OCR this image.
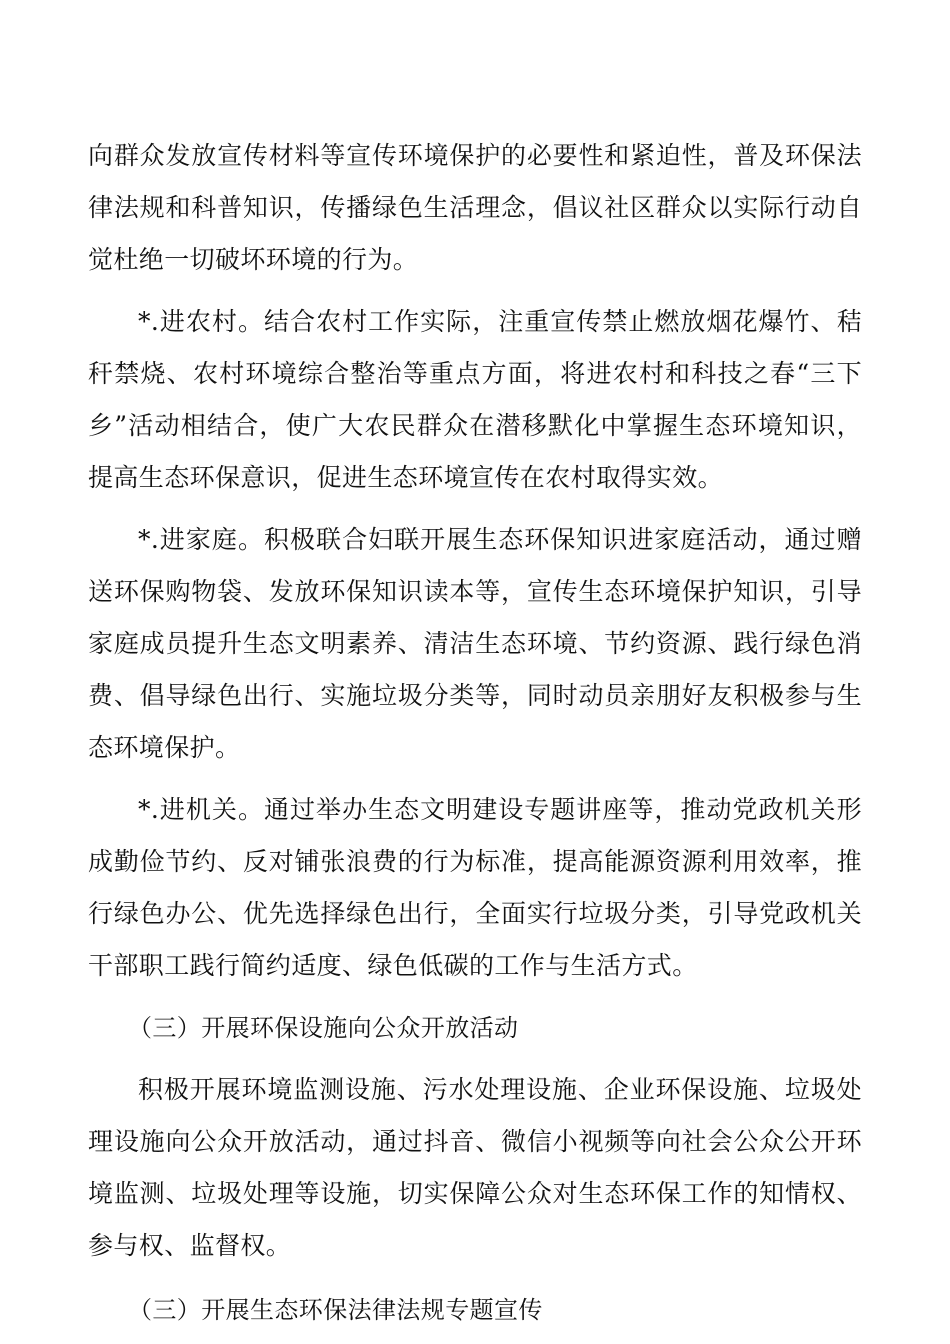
向群众发放宣传材料等宣传环境保护的必要性和紧迫性，普及环保法律法规和科普知识，传播绿色生活理念，倡议社区群众以实际行动自觉杜绝一切破坏环境的行为。

*.进农村。结合农村工作实际，注重宣传禁止燃放烟花爆竹、秸秆禁烧、农村环境综合整治等重点方面，将进农村和科技之春“三下乡”活动相结合，使广大农民群众在潜移默化中掌握生态环境知识，提高生态环保意识，促进生态环境宣传在农村取得实效。

*.进家庭。积极联合妇联开展生态环保知识进家庭活动，通过赠送环保购物袋、发放环保知识读本等，宣传生态环境保护知识，引导家庭成员提升生态文明素养、清洁生态环境、节约资源、践行绿色消费、倡导绿色出行、实施垃圾分类等，同时动员亲朋好友积极参与生态环境保护。

*.进机关。通过举办生态文明建设专题讲座等，推动党政机关形成勤俭节约、反对铺张浪费的行为标准，提高能源资源利用效率，推行绿色办公、优先选择绿色出行，全面实行垃圾分类，引导党政机关干部职工践行简约适度、绿色低碳的工作与生活方式。

（三）开展环保设施向公众开放活动

积极开展环境监测设施、污水处理设施、企业环保设施、垃圾处理设施向公众开放活动，通过抖音、微信小视频等向社会公众公开环境监测、垃圾处理等设施，切实保障公众对生态环保工作的知情权、参与权、监督权。

（三）开展生态环保法律法规专题宣传
